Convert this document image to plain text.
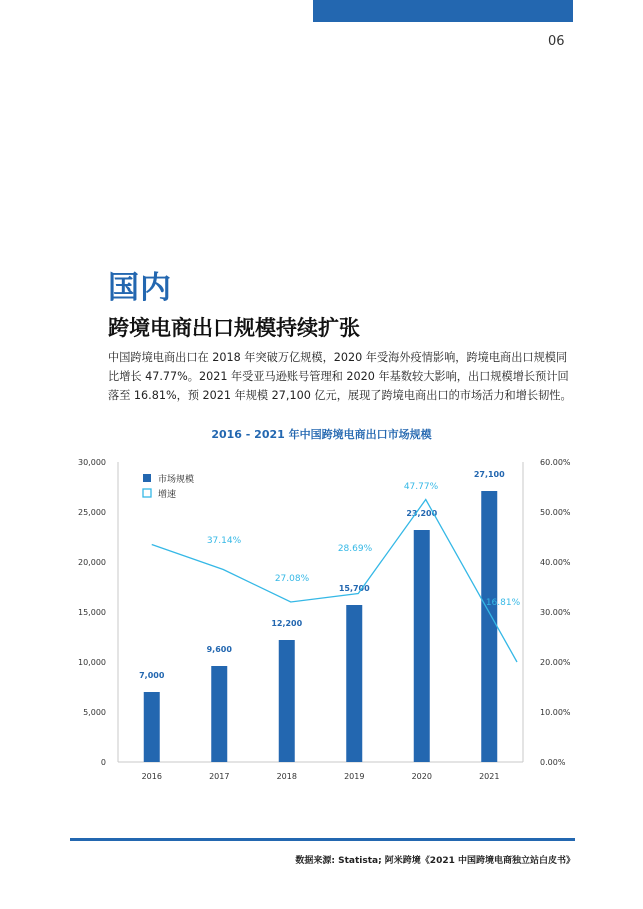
06
国内
跨境电商出口规模持续扩张
中国跨境电商出口在 2018 年突破万亿规模，2020 年受海外疫情影响，跨境电商出口规模同比增长 47.77%。2021 年受亚马逊账号管理和 2020 年基数较大影响，出口规模增长预计回落至 16.81%，预 2021 年规模 27,100 亿元，展现了跨境电商出口的市场活力和增长韧性。
2016 - 2021 年中国跨境电商出口市场规模
0
5,000
10,000
15,000
20,000
25,000
30,000
0.00%
10.00%
20.00%
30.00%
40.00%
50.00%
60.00%
2016	2017	2018	2019	2020	2021
7,000
9,600
12,200
15,700
23,200
27,100
37.14%
27.08%
28.69%
47.77%
16.81%
市场规模
增速
数据来源: Statista; 阿米跨境《2021 中国跨境电商独立站白皮书》
